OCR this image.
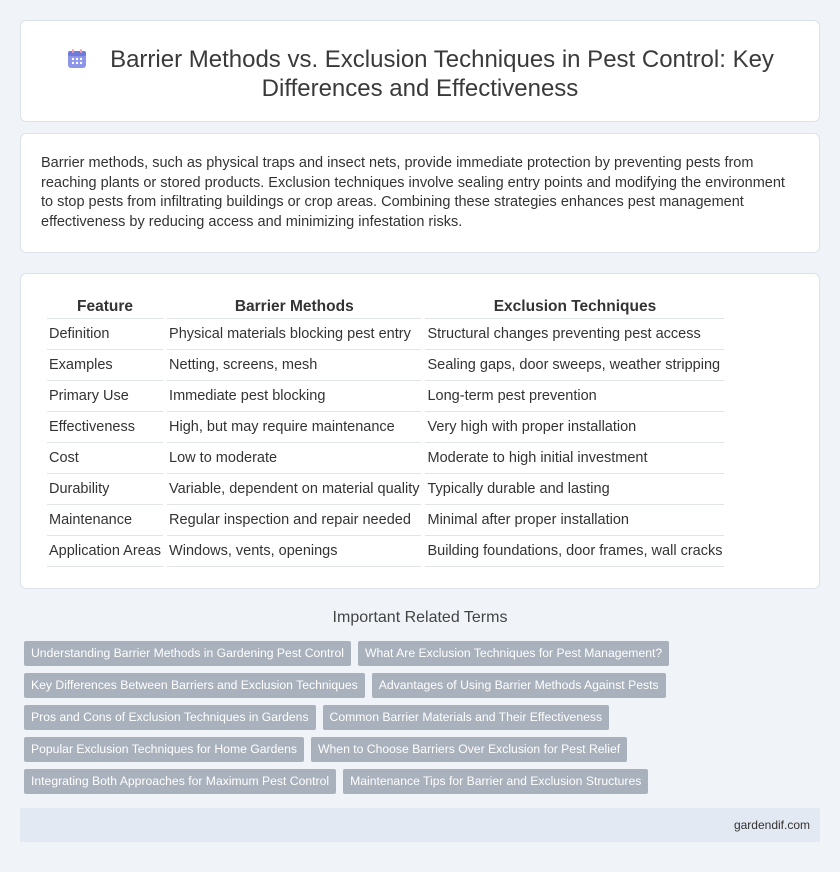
Barrier Methods vs. Exclusion Techniques in Pest Control: Key Differences and Effectiveness

Barrier methods, such as physical traps and insect nets, provide immediate protection by preventing pests from reaching plants or stored products. Exclusion techniques involve sealing entry points and modifying the environment to stop pests from infiltrating buildings or crop areas. Combining these strategies enhances pest management effectiveness by reducing access and minimizing infestation risks.

Feature	Barrier Methods	Exclusion Techniques
Definition	Physical materials blocking pest entry	Structural changes preventing pest access
Examples	Netting, screens, mesh	Sealing gaps, door sweeps, weather stripping
Primary Use	Immediate pest blocking	Long-term pest prevention
Effectiveness	High, but may require maintenance	Very high with proper installation
Cost	Low to moderate	Moderate to high initial investment
Durability	Variable, dependent on material quality	Typically durable and lasting
Maintenance	Regular inspection and repair needed	Minimal after proper installation
Application Areas	Windows, vents, openings	Building foundations, door frames, wall cracks
Important Related Terms
Understanding Barrier Methods in Gardening Pest Control What Are Exclusion Techniques for Pest Management?
Key Differences Between Barriers and Exclusion Techniques Advantages of Using Barrier Methods Against Pests
Pros and Cons of Exclusion Techniques in Gardens Common Barrier Materials and Their Effectiveness
Popular Exclusion Techniques for Home Gardens When to Choose Barriers Over Exclusion for Pest Relief
Integrating Both Approaches for Maximum Pest Control Maintenance Tips for Barrier and Exclusion Structures
gardendif.com
